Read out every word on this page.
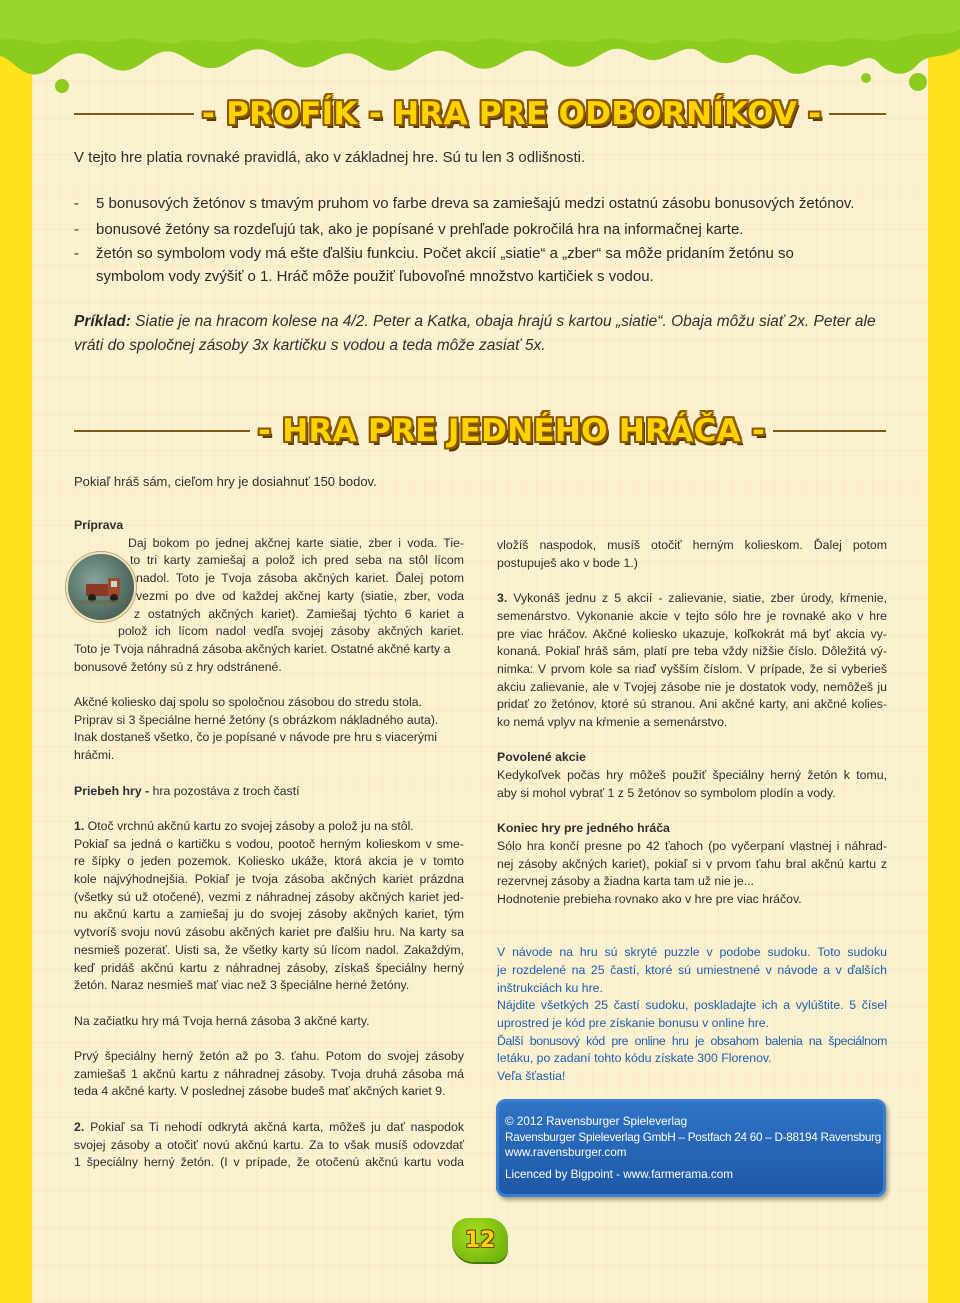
- PROFÍK - HRA PRE ODBORNÍKOV -

V tejto hre platia rovnaké pravidlá, ako v základnej hre. Sú tu len 3 odlišnosti.

- 5 bonusových žetónov s tmavým pruhom vo farbe dreva sa zamiešajú medzi ostatnú zásobu bonusových žetónov.
- bonusové žetóny sa rozdeľujú tak, ako je popísané v prehľade pokročilá hra na informačnej karte.
- žetón so symbolom vody má ešte ďalšiu funkciu. Počet akcií „siatie“ a „zber“ sa môže pridaním žetónu so
symbolom vody zvýšiť o 1. Hráč môže použiť ľubovoľné množstvo kartičiek s vodou.
Príklad: Siatie je na hracom kolese na 4/2. Peter a Katka, obaja hrajú s kartou „siatie“. Obaja môžu siať 2x. Peter ale
vráti do spoločnej zásoby 3x kartičku s vodou a teda môže zasiať 5x.
- HRA PRE JEDNÉHO HRÁČA -

Pokiaľ hráš sám, cieľom hry je dosiahnuť 150 bodov.

Príprava
Daj bokom po jednej akčnej karte siatie, zber i voda. Tie-
to tri karty zamiešaj a polož ich pred seba na stôl lícom
nadol. Toto je Tvoja zásoba akčných kariet. Ďalej potom
vezmi po dve od každej akčnej karty (siatie, zber, voda
z ostatných akčných kariet). Zamiešaj týchto 6 kariet a
polož ich lícom nadol vedľa svojej zásoby akčných kariet.
Toto je Tvoja náhradná zásoba akčných kariet. Ostatné akčné karty a
bonusové žetóny sú z hry odstránené.
Akčné koliesko daj spolu so spoločnou zásobou do stredu stola.
Priprav si 3 špeciálne herné žetóny (s obrázkom nákladného auta).
Inak dostaneš všetko, čo je popísané v návode pre hru s viacerými
hráčmi.
Priebeh hry - hra pozostáva z troch častí
1. Otoč vrchnú akčnú kartu zo svojej zásoby a polož ju na stôl.
Pokiaľ sa jedná o kartičku s vodou, pootoč herným kolieskom v sme-
re šípky o jeden pozemok. Koliesko ukáže, ktorá akcia je v tomto
kole najvýhodnejšia. Pokiaľ je tvoja zásoba akčných kariet prázdna
(všetky sú už otočené), vezmi z náhradnej zásoby akčných kariet jed-
nu akčnú kartu a zamiešaj ju do svojej zásoby akčných kariet, tým
vytvoríš svoju novú zásobu akčných kariet pre ďalšiu hru. Na karty sa
nesmieš pozerať. Uisti sa, že všetky karty sú lícom nadol. Zakaždým,
keď pridáš akčnú kartu z náhradnej zásoby, získaš špeciálny herný
žetón. Naraz nesmieš mať viac než 3 špeciálne herné žetóny.
Na začiatku hry má Tvoja herná zásoba 3 akčné karty.
Prvý špeciálny herný žetón až po 3. ťahu. Potom do svojej zásoby
zamiešaš 1 akčnú kartu z náhradnej zásoby. Tvoja druhá zásoba má
teda 4 akčné karty. V poslednej zásobe budeš mať akčných kariet 9.
2. Pokiaľ sa Ti nehodí odkrytá akčná karta, môžeš ju dať naspodok
svojej zásoby a otočiť novú akčnú kartu. Za to však musíš odovzdať
1 špeciálny herný žetón. (I v prípade, že otočenú akčnú kartu voda
vložíš naspodok, musíš otočiť herným kolieskom. Ďalej potom
postupuješ ako v bode 1.)
3. Vykonáš jednu z 5 akcií - zalievanie, siatie, zber úrody, kŕmenie,
semenárstvo. Vykonanie akcie v tejto sólo hre je rovnaké ako v hre
pre viac hráčov. Akčné koliesko ukazuje, koľkokrát má byť akcia vy-
konaná. Pokiaľ hráš sám, platí pre teba vždy nižšie číslo. Dôležitá vý-
nimka: V prvom kole sa riaď vyšším číslom. V prípade, že si vyberieš
akciu zalievanie, ale v Tvojej zásobe nie je dostatok vody, nemôžeš ju
pridať zo žetónov, ktoré sú stranou. Ani akčné karty, ani akčné kolies-
ko nemá vplyv na kŕmenie a semenárstvo.
Povolené akcie
Kedykoľvek počas hry môžeš použiť špeciálny herný žetón k tomu,
aby si mohol vybrať 1 z 5 žetónov so symbolom plodín a vody.
Koniec hry pre jedného hráča
Sólo hra končí presne po 42 ťahoch (po vyčerpaní vlastnej i náhrad-
nej zásoby akčných kariet), pokiaľ si v prvom ťahu bral akčnú kartu z
rezervnej zásoby a žiadna karta tam už nie je...
Hodnotenie prebieha rovnako ako v hre pre viac hráčov.
V návode na hru sú skryté puzzle v podobe sudoku. Toto sudoku
je rozdelené na 25 častí, ktoré sú umiestnené v návode a v ďalších
inštrukciách ku hre.
Nájdite všetkých 25 častí sudoku, poskladajte ich a vylúštite. 5 čísel
uprostred je kód pre získanie bonusu v online hre.
Ďalší bonusový kód pre online hru je obsahom balenia na špeciálnom
letáku, po zadaní tohto kódu získate 300 Florenov.
Veľa šťastia!
© 2012 Ravensburger Spieleverlag
Ravensburger Spieleverlag GmbH – Postfach 24 60 – D-88194 Ravensburg
www.ravensburger.com
Licenced by Bigpoint - www.farmerama.com
12
